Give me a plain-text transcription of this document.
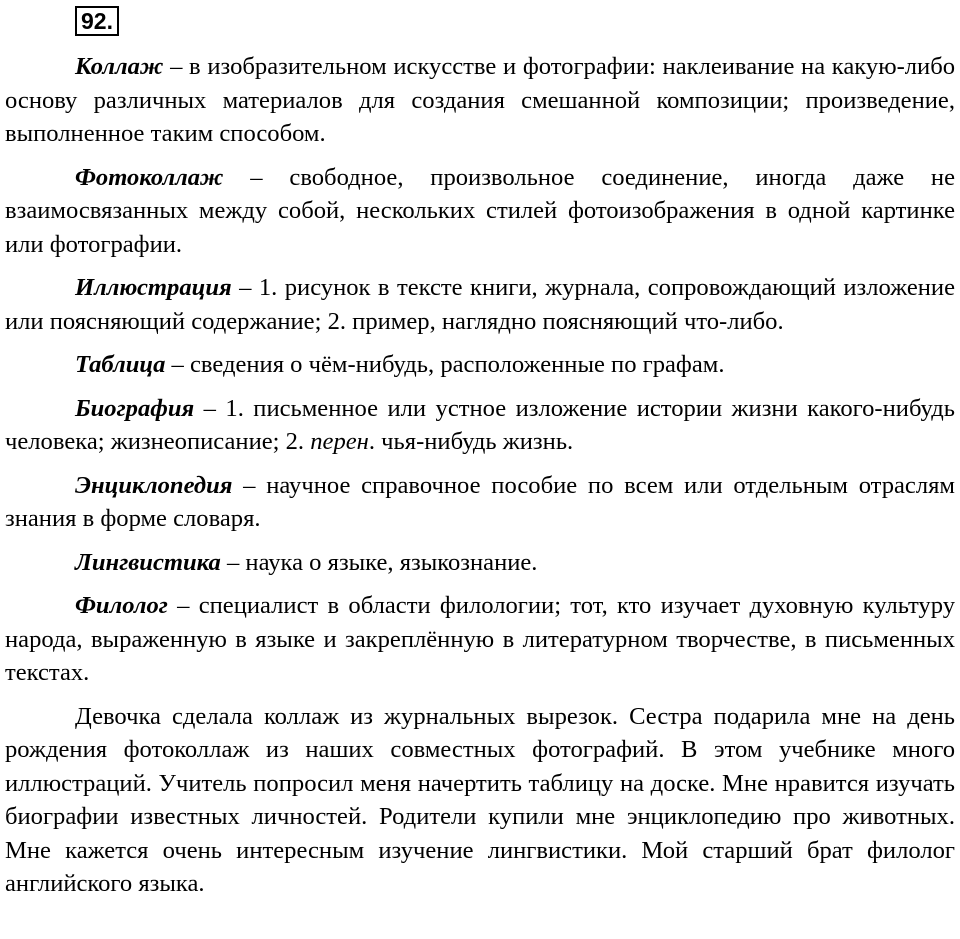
92.

Коллаж – в изобразительном искусстве и фотографии: наклеивание на какую-либо основу различных материалов для создания смешанной композиции; произведение, выполненное таким способом.

Фотоколлаж – свободное, произвольное соединение, иногда даже не взаимосвязанных между собой, нескольких стилей фотоизображения в одной картинке или фотографии.

Иллюстрация – 1. рисунок в тексте книги, журнала, сопровождающий изложение или поясняющий содержание; 2. пример, наглядно поясняющий что-либо.

Таблица – сведения о чём-нибудь, расположенные по графам.

Биография – 1. письменное или устное изложение истории жизни какого-нибудь человека; жизнеописание; 2. перен. чья-нибудь жизнь.

Энциклопедия – научное справочное пособие по всем или отдельным отраслям знания в форме словаря.

Лингвистика – наука о языке, языкознание.

Филолог – специалист в области филологии; тот, кто изучает духовную культуру народа, выраженную в языке и закреплённую в литературном творчестве, в письменных текстах.

Девочка сделала коллаж из журнальных вырезок. Сестра подарила мне на день рождения фотоколлаж из наших совместных фотографий. В этом учебнике много иллюстраций. Учитель попросил меня начертить таблицу на доске. Мне нравится изучать биографии известных личностей. Родители купили мне энциклопедию про животных. Мне кажется очень интересным изучение лингвистики. Мой старший брат филолог английского языка.
